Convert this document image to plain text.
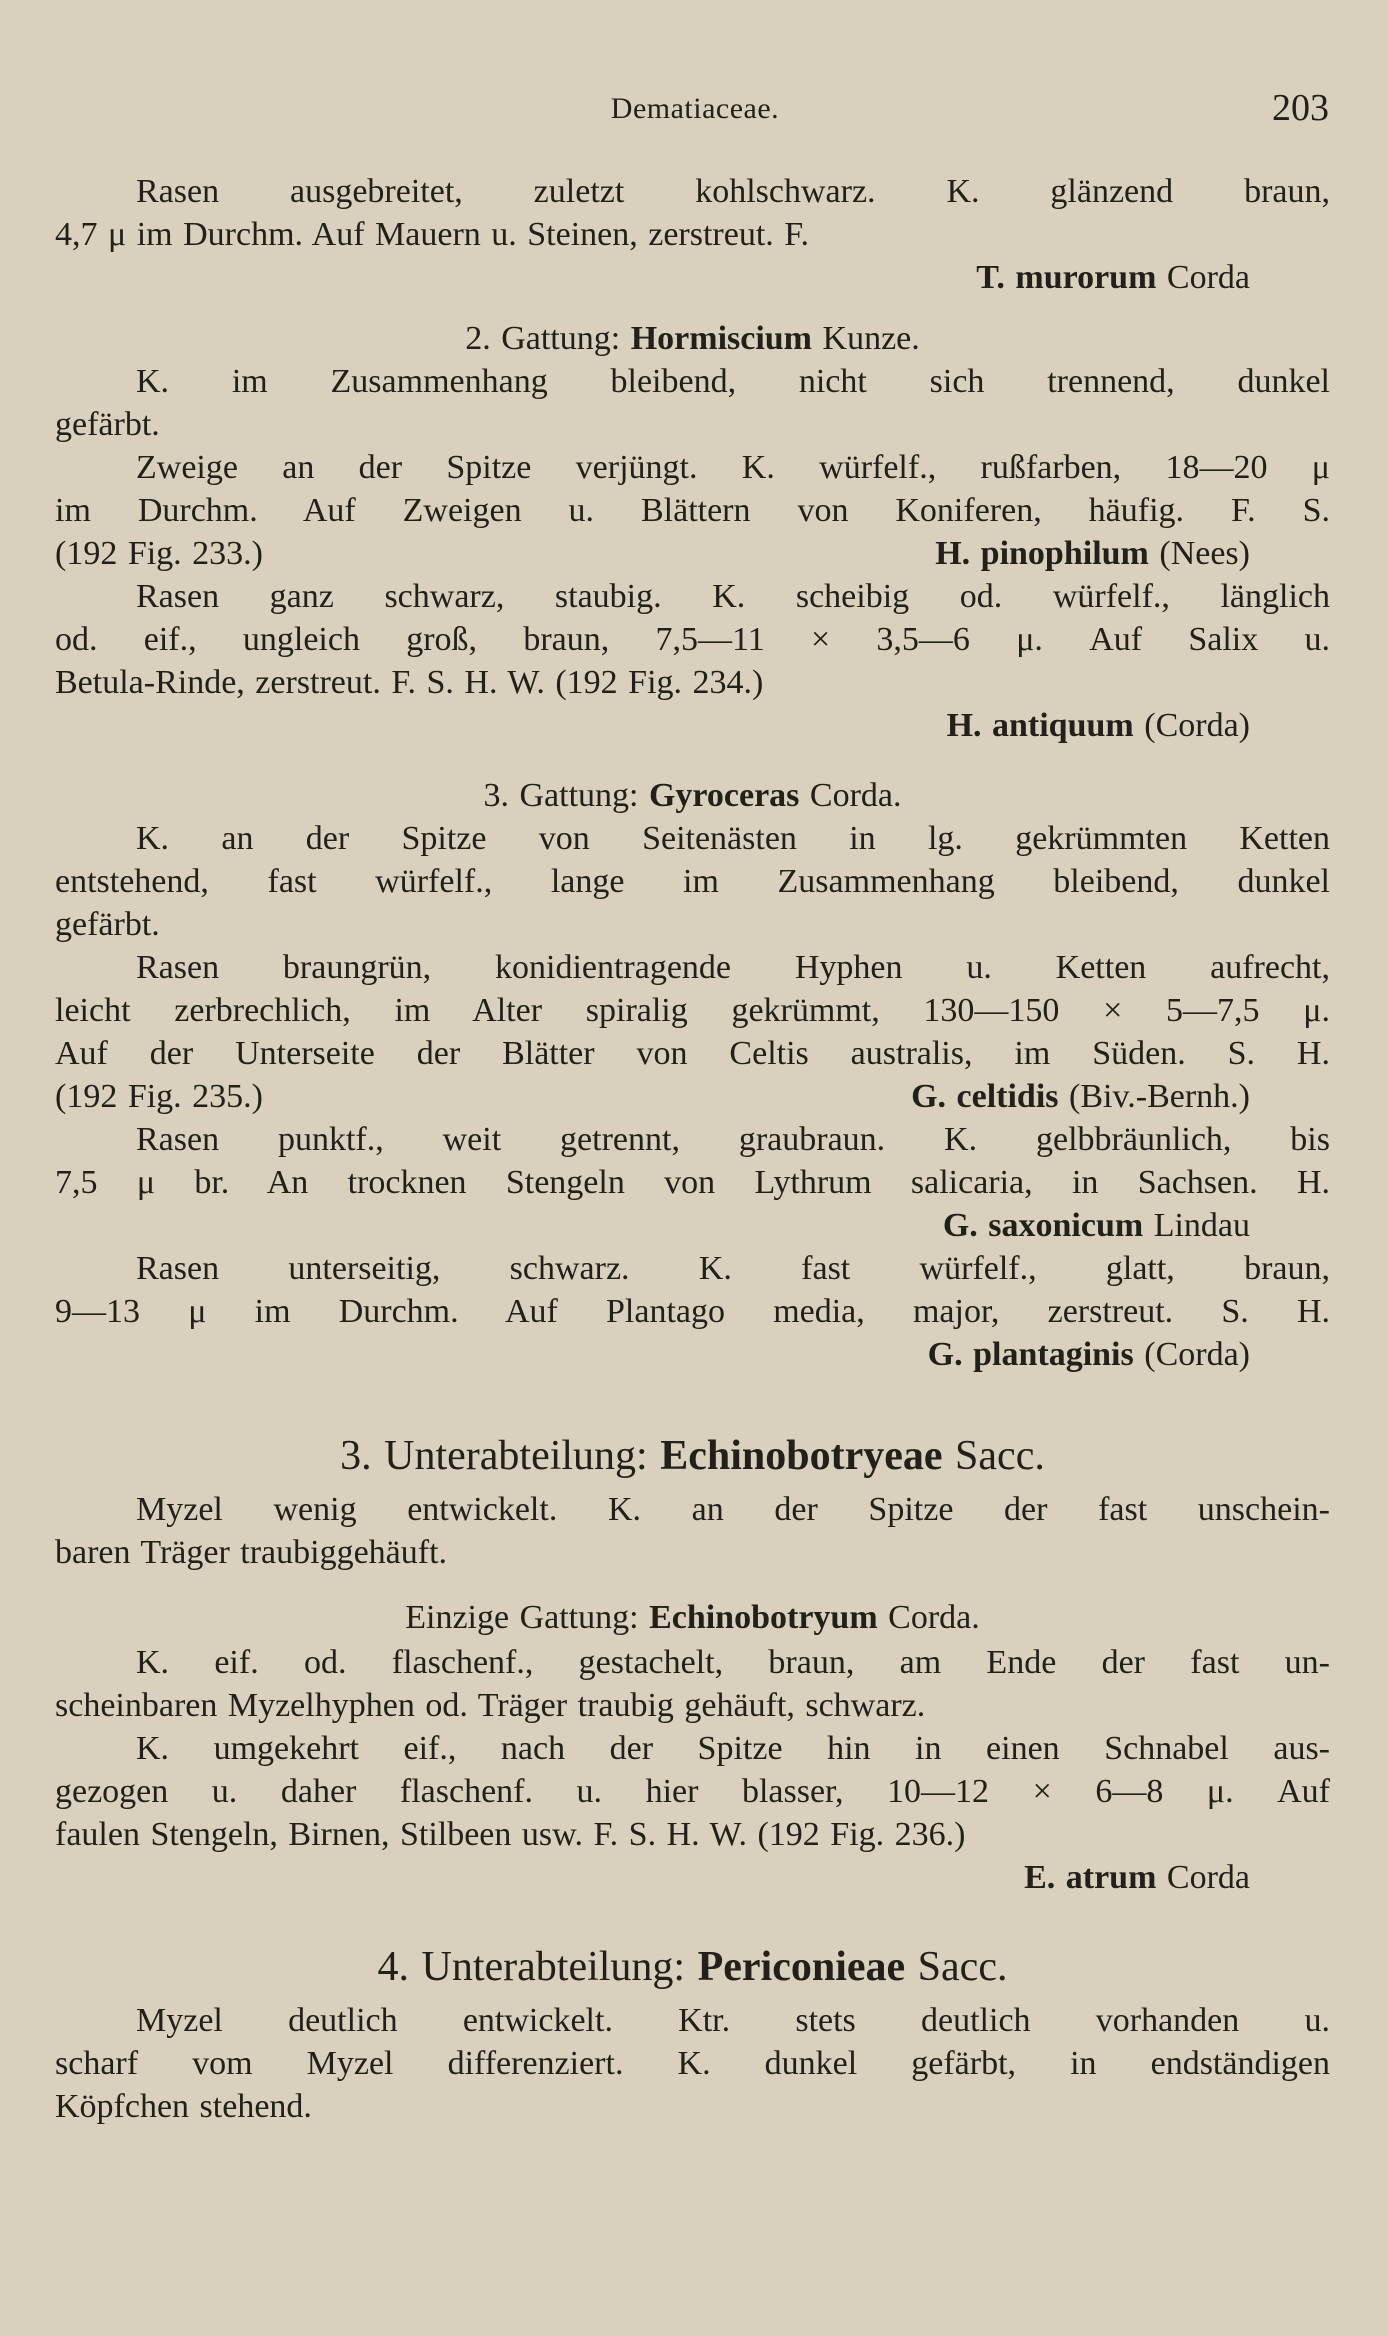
Dematiaceae.	203

Rasen ausgebreitet, zuletzt kohlschwarz. K. glänzend braun,

4,7 μ im Durchm. Auf Mauern u. Steinen, zerstreut. F.

T. murorum Corda

2. Gattung: Hormiscium Kunze.

K. im Zusammenhang bleibend, nicht sich trennend, dunkel

gefärbt.

Zweige an der Spitze verjüngt. K. würfelf., rußfarben, 18—20 μ

im Durchm. Auf Zweigen u. Blättern von Koniferen, häufig. F. S.

(192 Fig. 233.)	H. pinophilum (Nees)

Rasen ganz schwarz, staubig. K. scheibig od. würfelf., länglich

od. eif., ungleich groß, braun, 7,5—11 × 3,5—6 μ. Auf Salix u.

Betula-Rinde, zerstreut. F. S. H. W. (192 Fig. 234.)

H. antiquum (Corda)

3. Gattung: Gyroceras Corda.

K. an der Spitze von Seitenästen in lg. gekrümmten Ketten

entstehend, fast würfelf., lange im Zusammenhang bleibend, dunkel

gefärbt.

Rasen braungrün, konidientragende Hyphen u. Ketten aufrecht,

leicht zerbrechlich, im Alter spiralig gekrümmt, 130—150 × 5—7,5 μ.

Auf der Unterseite der Blätter von Celtis australis, im Süden. S. H.

(192 Fig. 235.)	G. celtidis (Biv.-Bernh.)

Rasen punktf., weit getrennt, graubraun. K. gelbbräunlich, bis

7,5 μ br. An trocknen Stengeln von Lythrum salicaria, in Sachsen. H.

G. saxonicum Lindau

Rasen unterseitig, schwarz. K. fast würfelf., glatt, braun,

9—13 μ im Durchm. Auf Plantago media, major, zerstreut. S. H.

G. plantaginis (Corda)

3. Unterabteilung: Echinobotryeae Sacc.

Myzel wenig entwickelt. K. an der Spitze der fast unschein-

baren Träger traubiggehäuft.

Einzige Gattung: Echinobotryum Corda.

K. eif. od. flaschenf., gestachelt, braun, am Ende der fast un-

scheinbaren Myzelhyphen od. Träger traubig gehäuft, schwarz.

K. umgekehrt eif., nach der Spitze hin in einen Schnabel aus-

gezogen u. daher flaschenf. u. hier blasser, 10—12 × 6—8 μ. Auf

faulen Stengeln, Birnen, Stilbeen usw. F. S. H. W. (192 Fig. 236.)

E. atrum Corda

4. Unterabteilung: Periconieae Sacc.

Myzel deutlich entwickelt. Ktr. stets deutlich vorhanden u.

scharf vom Myzel differenziert. K. dunkel gefärbt, in endständigen

Köpfchen stehend.
